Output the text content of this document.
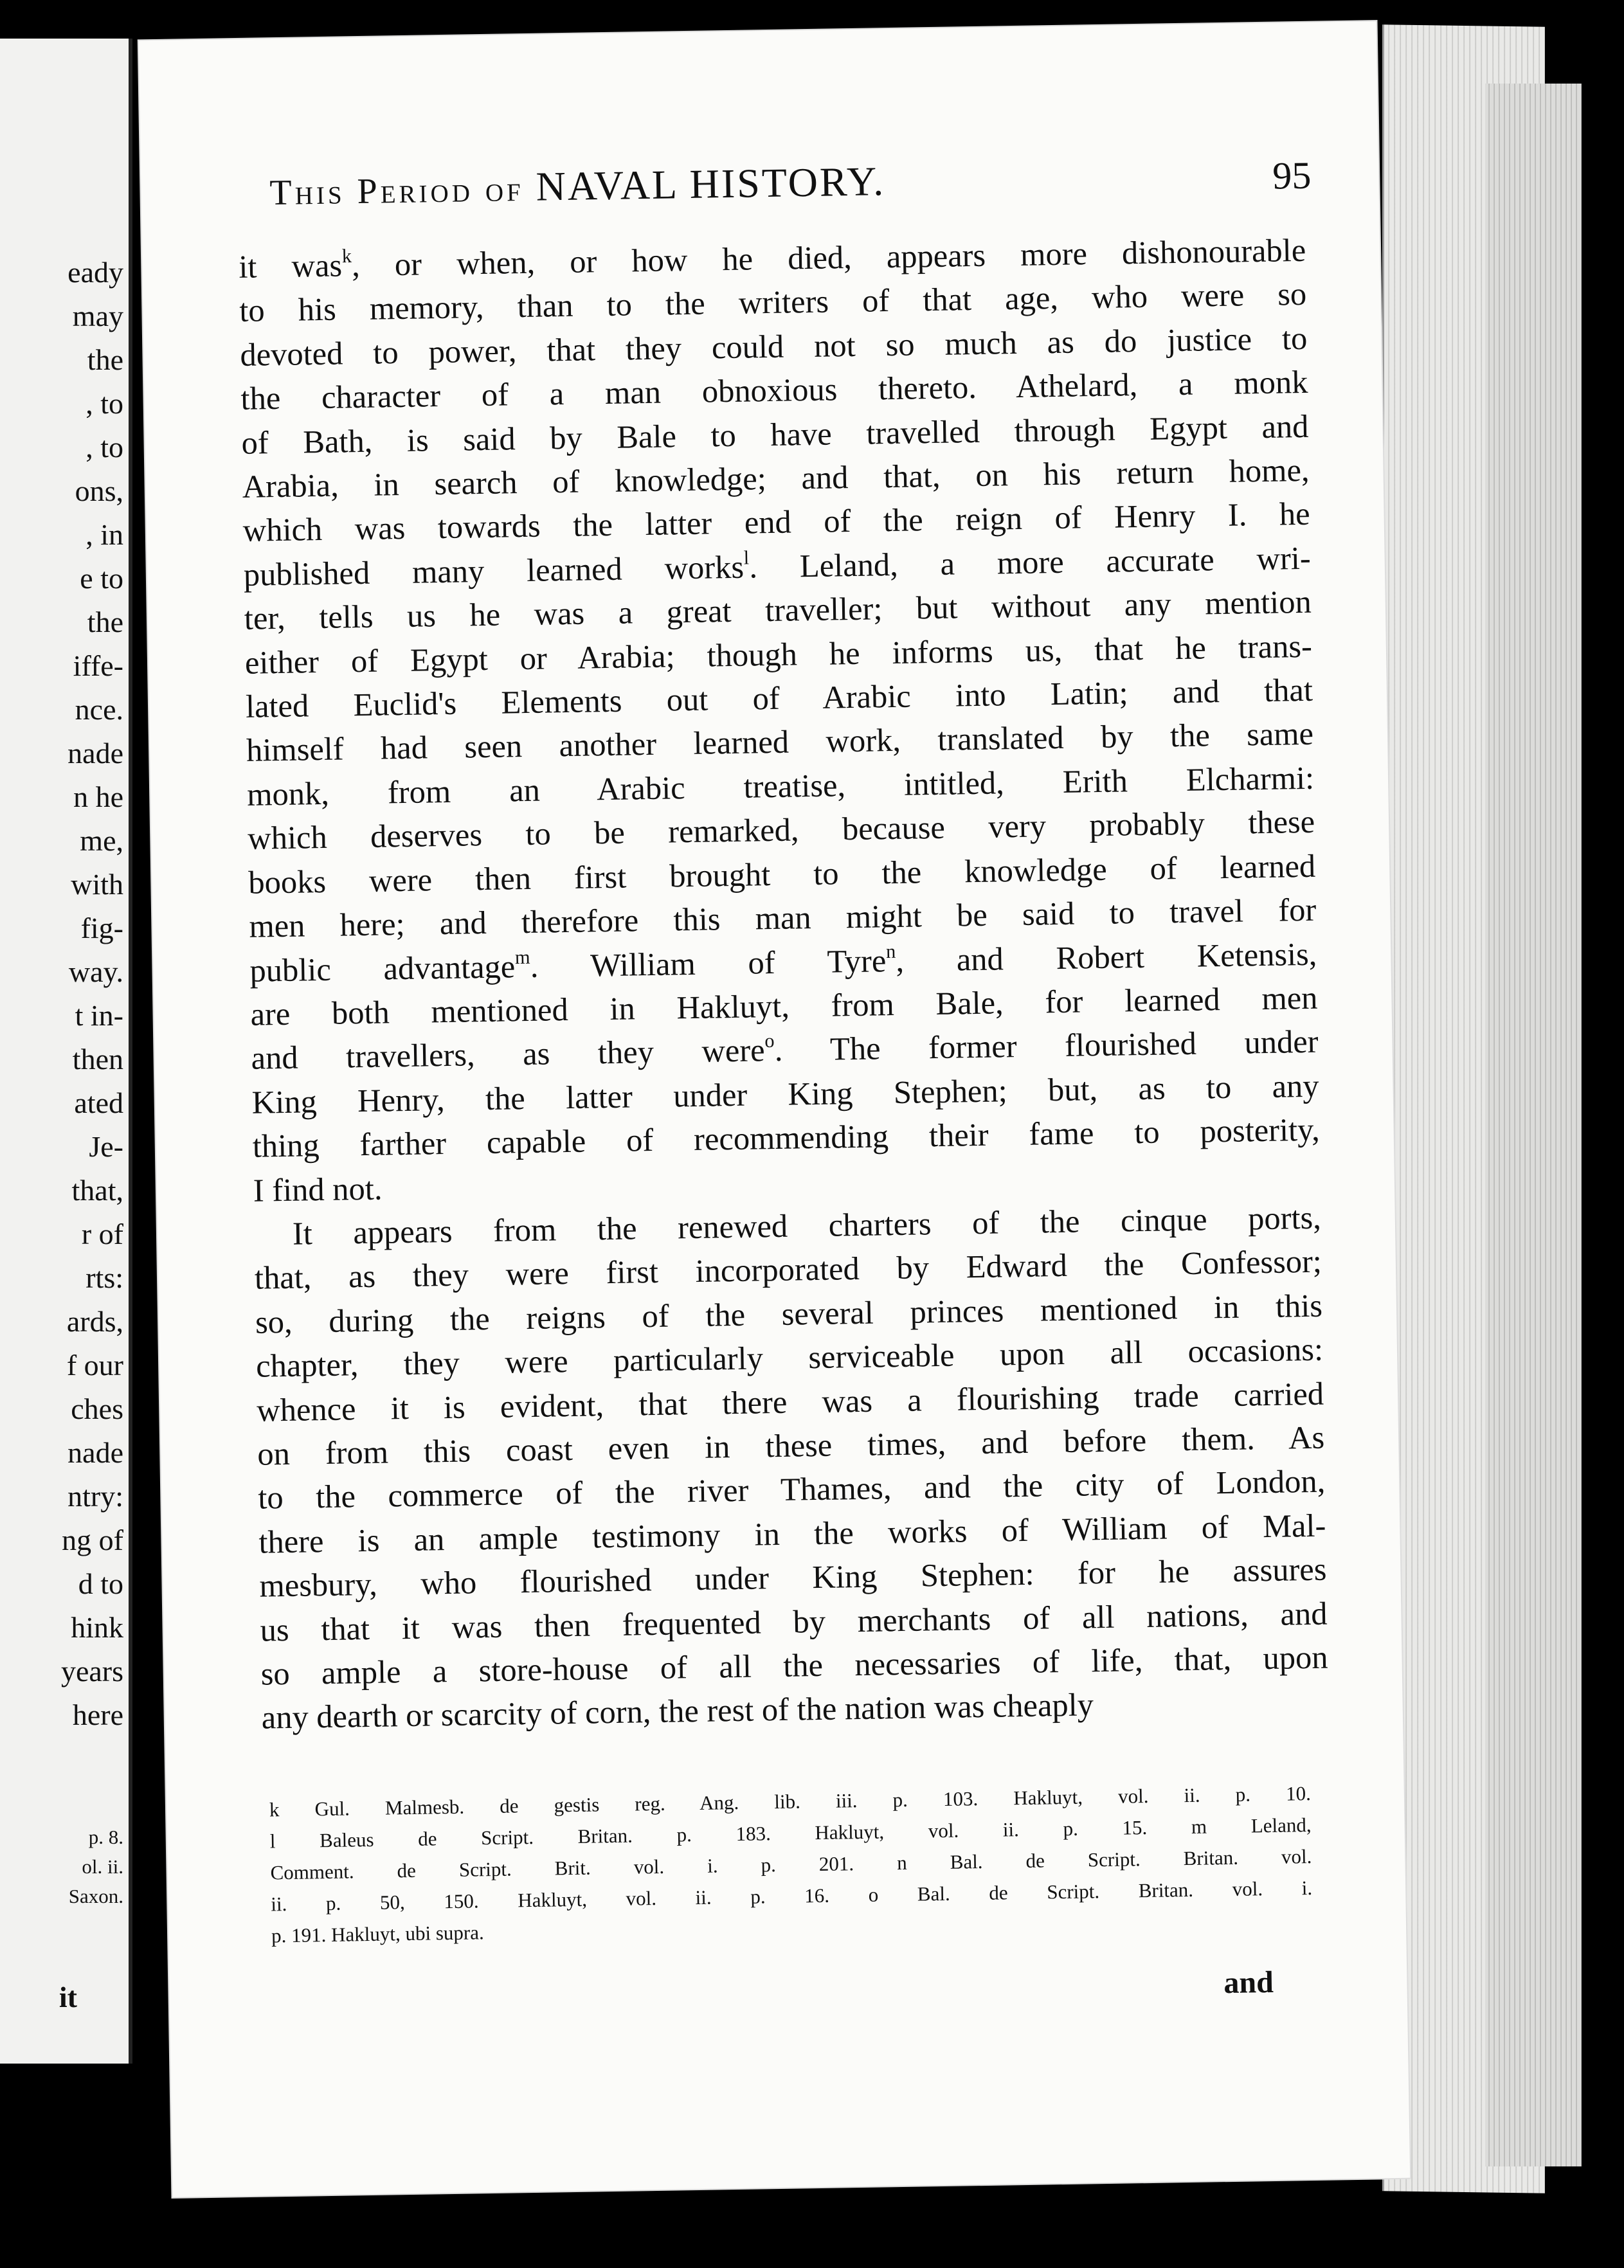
eady
may
the
, to
, to
ons,
, in
e to
the
iffe-
nce.
nade
n he
me,
with
fig-
way.
t in-
then
ated
Je-
that,
r of
rts:
ards,
f our
ches
nade
ntry:
ng of
d to
hink
years
here
p. 8.
ol. ii.
Saxon.
it
This Period of NAVAL HISTORY.	95
it was$^k$, or when, or how he died, appears more dishonourable
to his memory, than to the writers of that age, who were so
devoted to power, that they could not so much as do justice to
the character of a man obnoxious thereto. Athelard, a monk
of Bath, is said by Bale to have travelled through Egypt and
Arabia, in search of knowledge; and that, on his return home,
which was towards the latter end of the reign of Henry I. he
published many learned works$^l$. Leland, a more accurate wri-
ter, tells us he was a great traveller; but without any mention
either of Egypt or Arabia; though he informs us, that he trans-
lated Euclid's Elements out of Arabic into Latin; and that
himself had seen another learned work, translated by the same
monk, from an Arabic treatise, intitled, Erith Elcharmi:
which deserves to be remarked, because very probably these
books were then first brought to the knowledge of learned
men here; and therefore this man might be said to travel for
public advantage$^m$. William of Tyre$^n$, and Robert Ketensis,
are both mentioned in Hakluyt, from Bale, for learned men
and travellers, as they were$^o$. The former flourished under
King Henry, the latter under King Stephen; but, as to any
thing farther capable of recommending their fame to posterity,
I find not.
It appears from the renewed charters of the cinque ports,
that, as they were first incorporated by Edward the Confessor;
so, during the reigns of the several princes mentioned in this
chapter, they were particularly serviceable upon all occasions:
whence it is evident, that there was a flourishing trade carried
on from this coast even in these times, and before them. As
to the commerce of the river Thames, and the city of London,
there is an ample testimony in the works of William of Mal-
mesbury, who flourished under King Stephen: for he assures
us that it was then frequented by merchants of all nations, and
so ample a store-house of all the necessaries of life, that, upon
any dearth or scarcity of corn, the rest of the nation was cheaply
k Gul. Malmesb. de gestis reg. Ang. lib. iii. p. 103. Hakluyt, vol. ii. p. 10.
l Baleus de Script. Britan. p. 183. Hakluyt, vol. ii. p. 15. m Leland,
Comment. de Script. Brit. vol. i. p. 201. n Bal. de Script. Britan. vol.
ii. p. 50, 150. Hakluyt, vol. ii. p. 16. o Bal. de Script. Britan. vol. i.
p. 191. Hakluyt, ubi supra.
and
